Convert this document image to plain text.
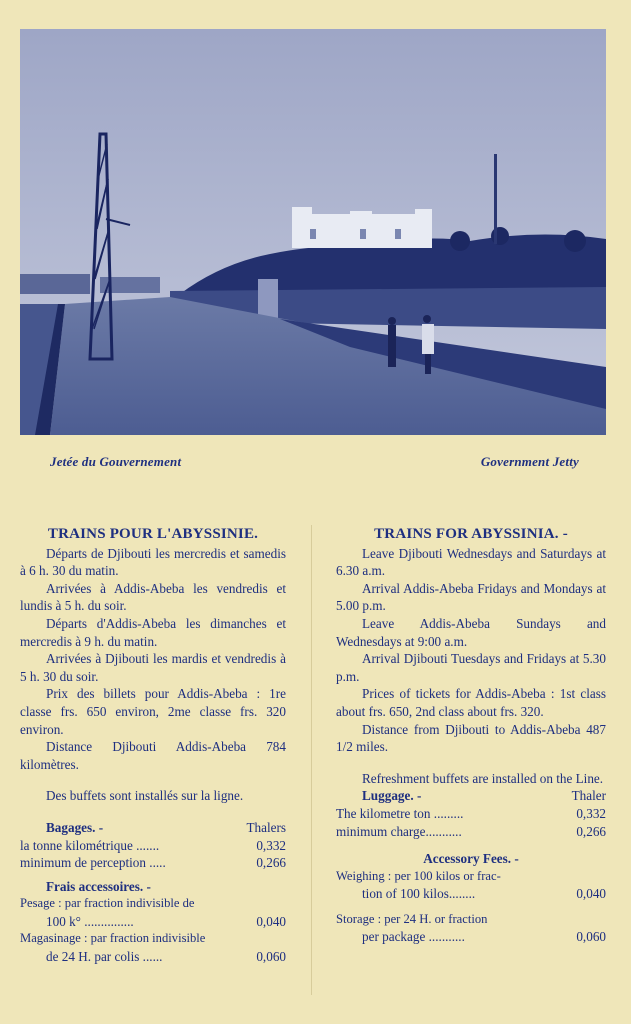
Jetée du Gouvernement	Government Jetty
TRAINS POUR L'ABYSSINIE.

Départs de Djibouti les mercredis et samedis à 6 h. 30 du matin.

Arrivées à Addis-Abeba les vendredis et lundis à 5 h. du soir.

Départs d'Addis-Abeba les dimanches et mercredis à 9 h. du matin.

Arrivées à Djibouti les mardis et vendredis à 5 h. 30 du soir.

Prix des billets pour Addis-Abeba : 1re classe frs. 650 environ, 2me classe frs. 320 environ.

Distance Djibouti Addis-Abeba 784 kilomètres.

Des buffets sont installés sur la ligne.

Bagages. -	Thalers
la tonne kilométrique .......	0,332
minimum de perception .....	0,266
Frais accessoires. -
Pesage : par fraction indivisible de
100 k° ...............	0,040
Magasinage : par fraction indivisible
de 24 H. par colis ......	0,060
TRAINS FOR ABYSSINIA. -

Leave Djibouti Wednesdays and Saturdays at 6.30 a.m.

Arrival Addis-Abeba Fridays and Mondays at 5.00 p.m.

Leave Addis-Abeba Sundays and Wednesdays at 9:00 a.m.

Arrival Djibouti Tuesdays and Fridays at 5.30 p.m.

Prices of tickets for Addis-Abeba : 1st class about frs. 650, 2nd class about frs. 320.

Distance from Djibouti to Addis-Abeba 487 1/2 miles.

Refreshment buffets are installed on the Line.

Luggage. -	Thaler
The kilometre ton .........	0,332
minimum charge...........	0,266
Accessory Fees. -
Weighing : per 100 kilos or frac-
tion of 100 kilos........	0,040
Storage : per 24 H. or fraction
per package ...........	0,060
